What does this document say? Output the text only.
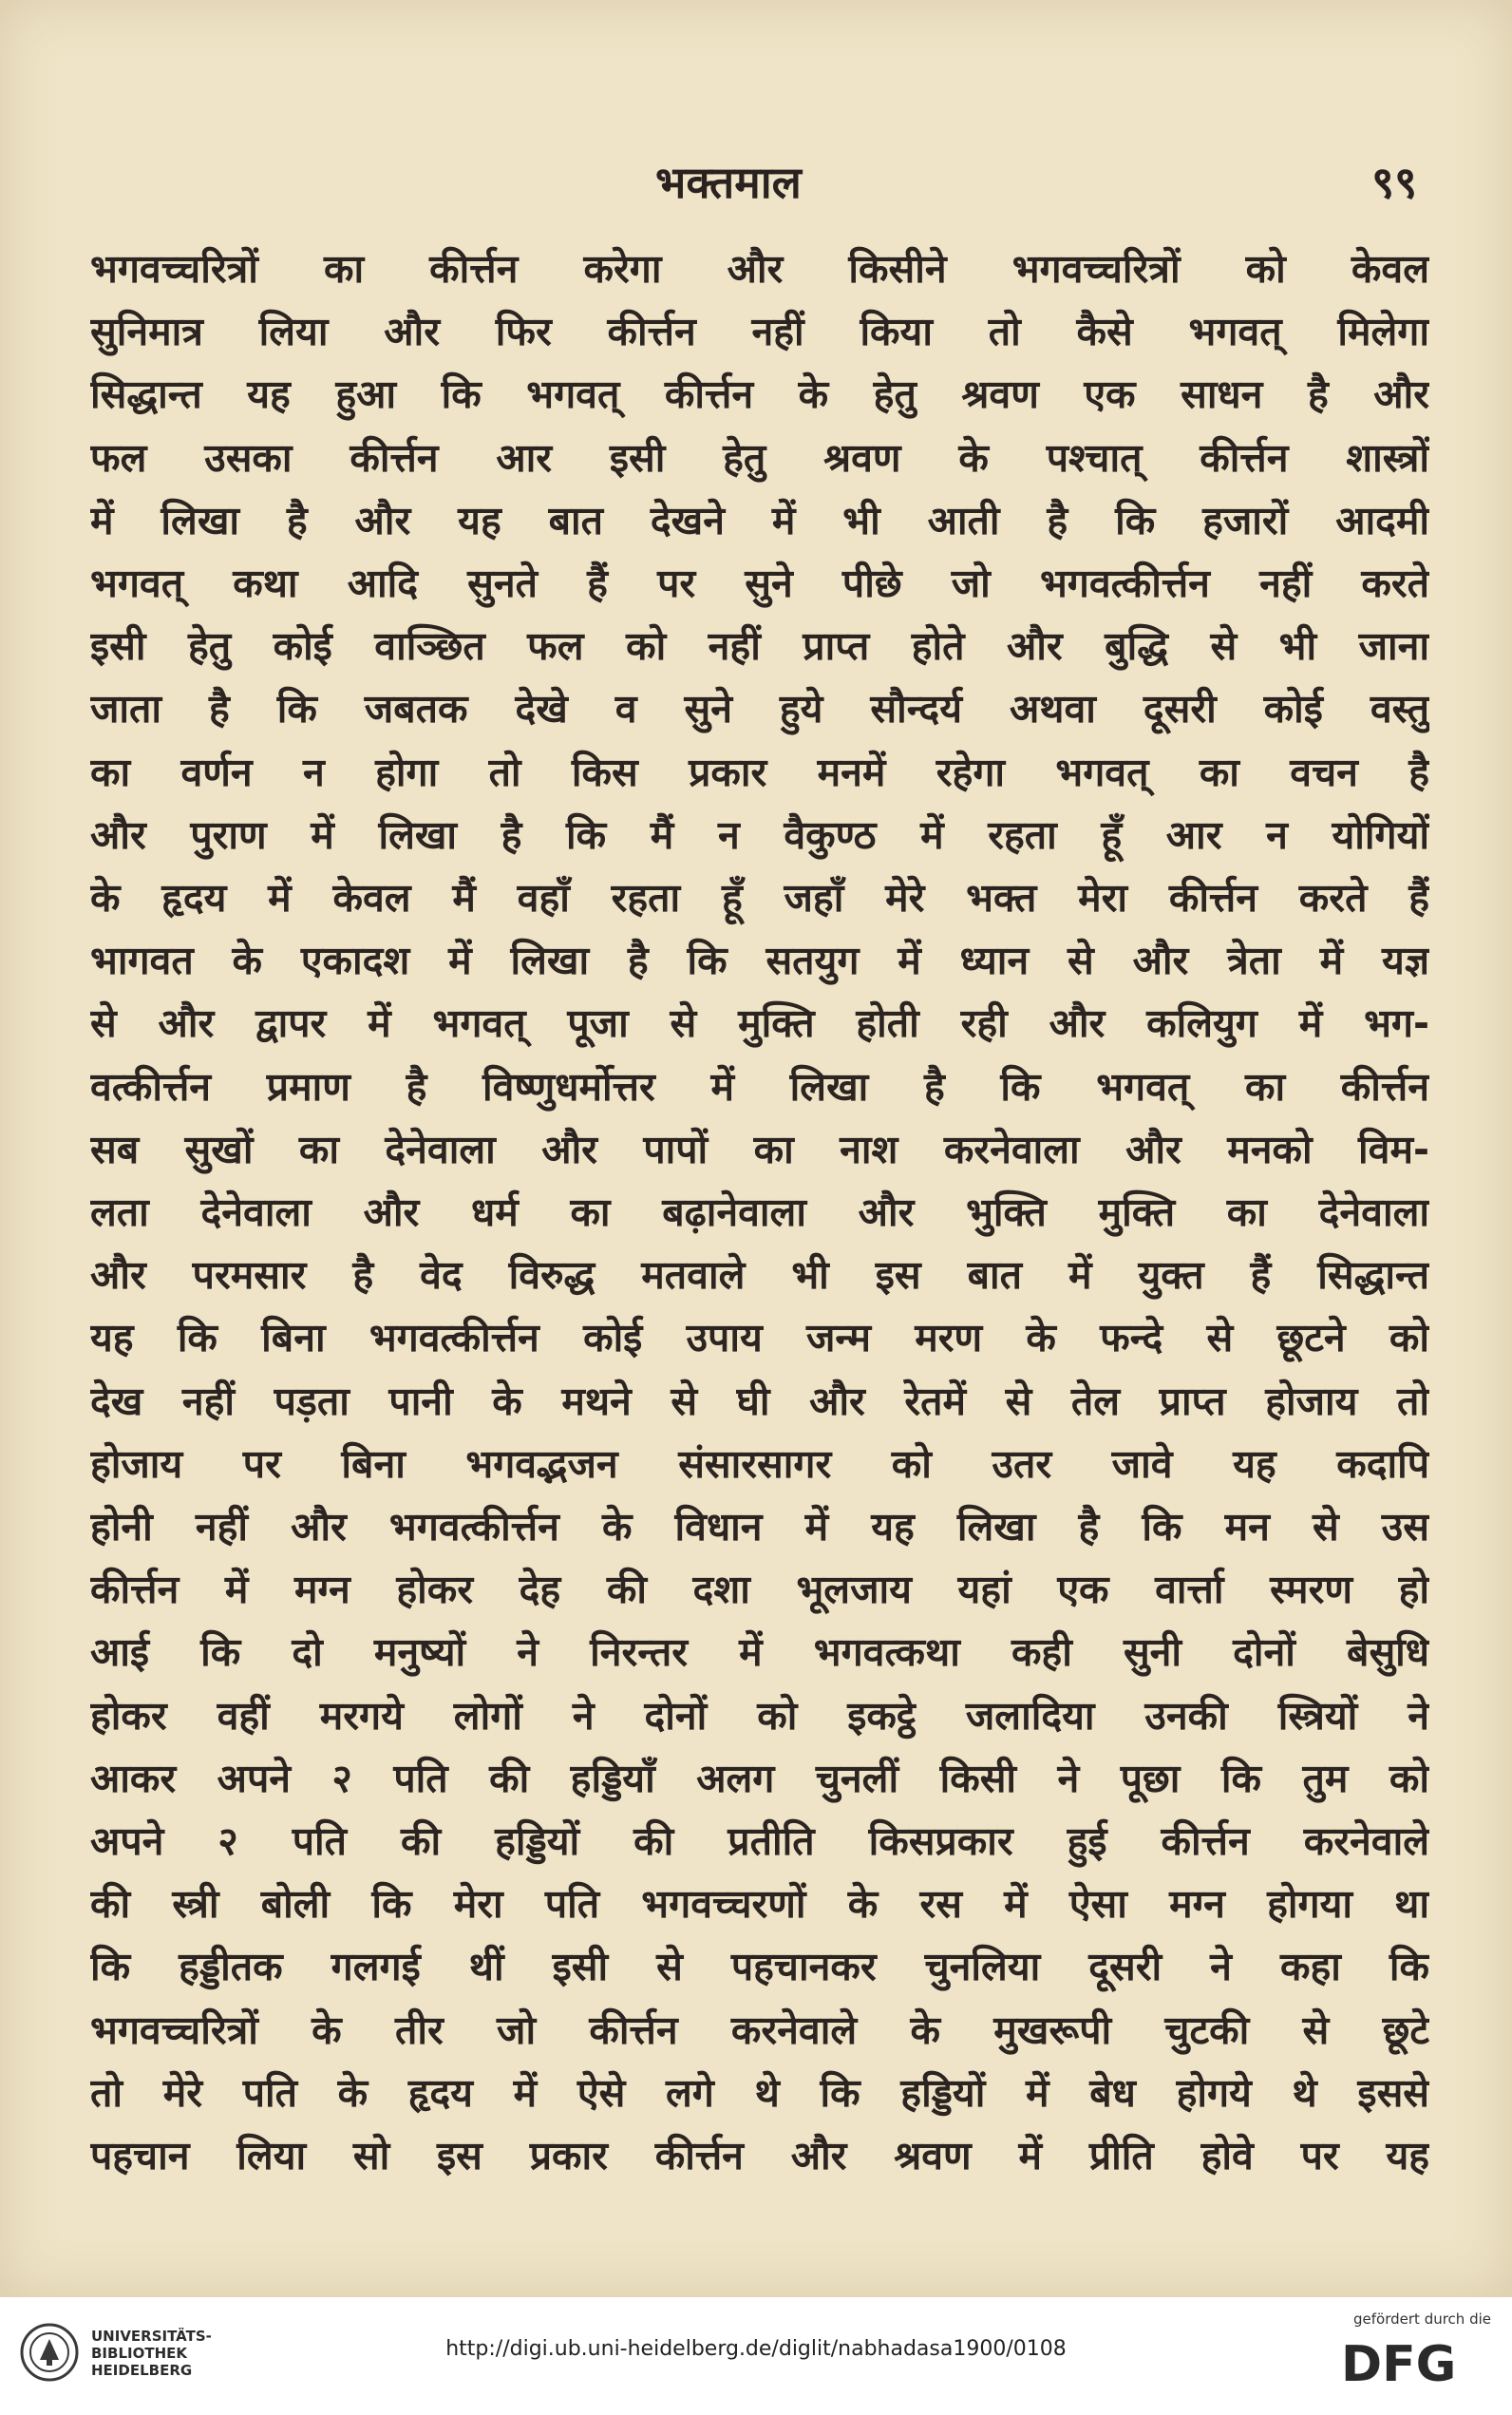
भक्तमाल	९९
भगवच्चरित्रों का कीर्त्तन करेगा और किसीने भगवच्चरित्रों को केवल
सुनिमात्र लिया और फिर कीर्त्तन नहीं किया तो कैसे भगवत् मिलेगा
सिद्धान्त यह हुआ कि भगवत् कीर्त्तन के हेतु श्रवण एक साधन है और
फल उसका कीर्त्तन आर इसी हेतु श्रवण के पश्चात् कीर्त्तन शास्त्रों
में लिखा है और यह बात देखने में भी आती है कि हजारों आदमी
भगवत् कथा आदि सुनते हैं पर सुने पीछे जो भगवत्कीर्त्तन नहीं करते
इसी हेतु कोई वाञ्छित फल को नहीं प्राप्त होते और बुद्धि से भी जाना
जाता है कि जबतक देखे व सुने हुये सौन्दर्य अथवा दूसरी कोई वस्तु
का वर्णन न होगा तो किस प्रकार मनमें रहेगा भगवत् का वचन है
और पुराण में लिखा है कि मैं न वैकुण्ठ में रहता हूँ आर न योगियों
के हृदय में केवल मैं वहाँ रहता हूँ जहाँ मेरे भक्त मेरा कीर्त्तन करते हैं
भागवत के एकादश में लिखा है कि सतयुग में ध्यान से और त्रेता में यज्ञ
से और द्वापर में भगवत् पूजा से मुक्ति होती रही और कलियुग में भग-
वत्कीर्त्तन प्रमाण है विष्णुधर्मोत्तर में लिखा है कि भगवत् का कीर्त्तन
सब सुखों का देनेवाला और पापों का नाश करनेवाला और मनको विम-
लता देनेवाला और धर्म का बढ़ानेवाला और भुक्ति मुक्ति का देनेवाला
और परमसार है वेद विरुद्ध मतवाले भी इस बात में युक्त हैं सिद्धान्त
यह कि बिना भगवत्कीर्त्तन कोई उपाय जन्म मरण के फन्दे से छूटने को
देख नहीं पड़ता पानी के मथने से घी और रेतमें से तेल प्राप्त होजाय तो
होजाय पर बिना भगवद्भजन संसारसागर को उतर जावे यह कदापि
होनी नहीं और भगवत्कीर्त्तन के विधान में यह लिखा है कि मन से उस
कीर्त्तन में मग्न होकर देह की दशा भूलजाय यहां एक वार्त्ता स्मरण हो
आई कि दो मनुष्यों ने निरन्तर में भगवत्कथा कही सुनी दोनों बेसुधि
होकर वहीं मरगये लोगों ने दोनों को इकट्ठे जलादिया उनकी स्त्रियों ने
आकर अपने २ पति की हड्डियाँ अलग चुनलीं किसी ने पूछा कि तुम को
अपने २ पति की हड्डियों की प्रतीति किसप्रकार हुई कीर्त्तन करनेवाले
की स्त्री बोली कि मेरा पति भगवच्चरणों के रस में ऐसा मग्न होगया था
कि हड्डीतक गलगई थीं इसी से पहचानकर चुनलिया दूसरी ने कहा कि
भगवच्चरित्रों के तीर जो कीर्त्तन करनेवाले के मुखरूपी चुटकी से छूटे
तो मेरे पति के हृदय में ऐसे लगे थे कि हड्डियों में बेध होगये थे इससे
पहचान लिया सो इस प्रकार कीर्त्तन और श्रवण में प्रीति होवे पर यह
UNIVERSITÄTS-
BIBLIOTHEK
HEIDELBERG
http://digi.ub.uni-heidelberg.de/diglit/nabhadasa1900/0108
gefördert durch die
DFG
